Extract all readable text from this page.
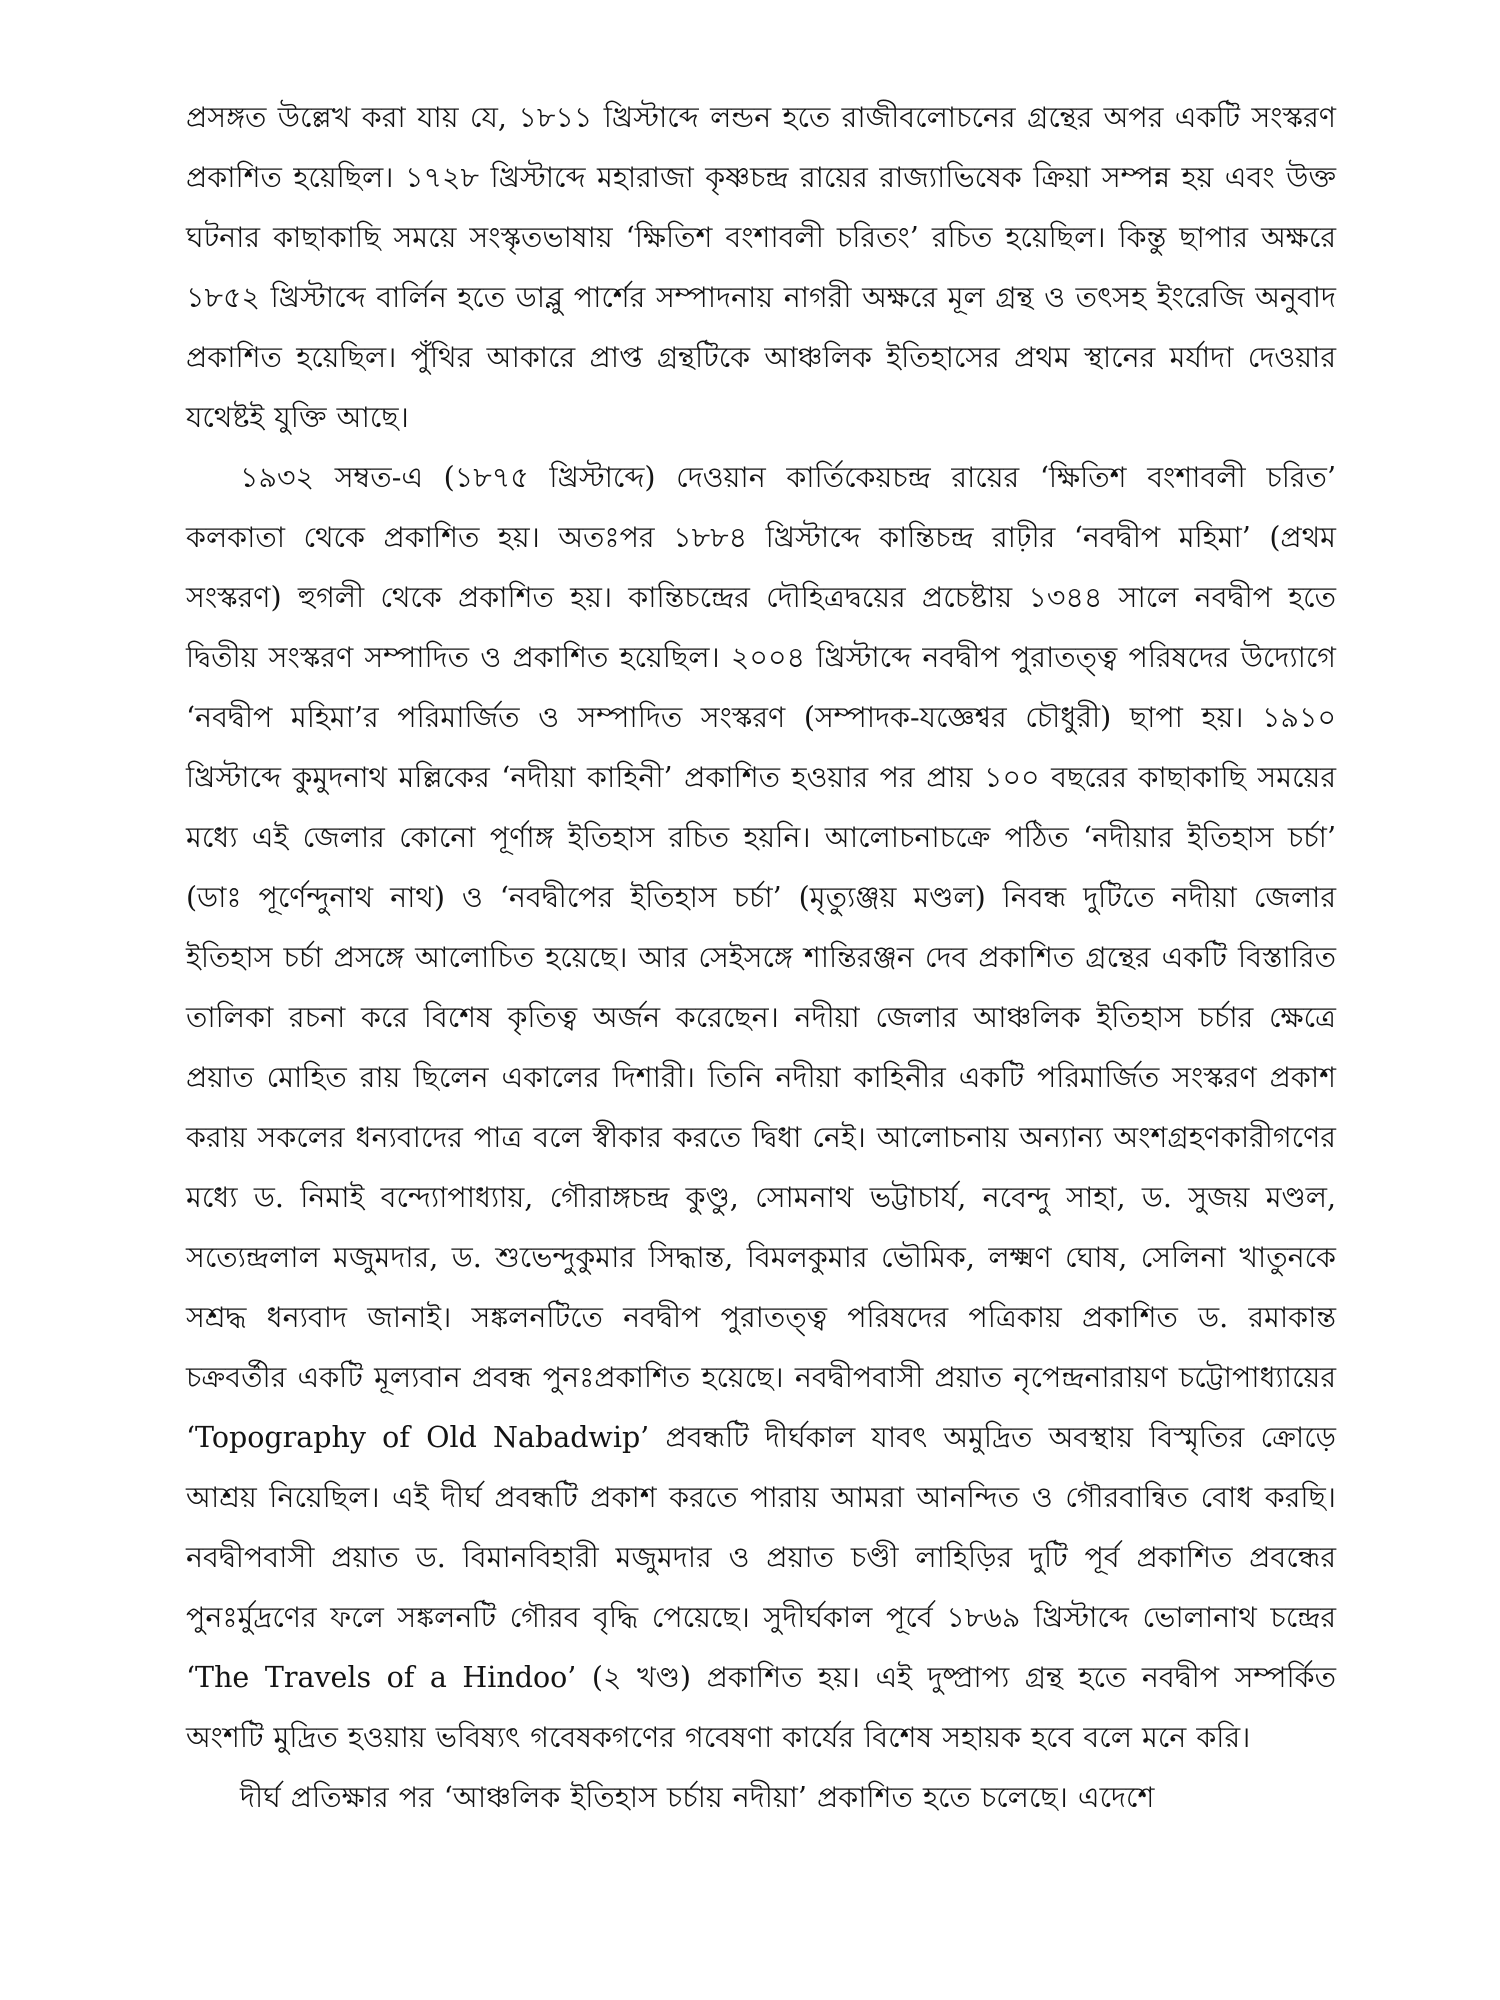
প্রসঙ্গত উল্লেখ করা যায় যে, ১৮১১ খ্রিস্টাব্দে লন্ডন হতে রাজীবলোচনের গ্রন্থের অপর একটি সংস্করণ প্রকাশিত হয়েছিল। ১৭২৮ খ্রিস্টাব্দে মহারাজা কৃষ্ণচন্দ্র রায়ের রাজ্যাভিষেক ক্রিয়া সম্পন্ন হয় এবং উক্ত ঘটনার কাছাকাছি সময়ে সংস্কৃতভাষায় ‘ক্ষিতিশ বংশাবলী চরিতং’ রচিত হয়েছিল। কিন্তু ছাপার অক্ষরে ১৮৫২ খ্রিস্টাব্দে বার্লিন হতে ডাব্লু পার্শের সম্পাদনায় নাগরী অক্ষরে মূল গ্রন্থ ও তৎসহ ইংরেজি অনুবাদ প্রকাশিত হয়েছিল। পুঁথির আকারে প্রাপ্ত গ্রন্থটিকে আঞ্চলিক ইতিহাসের প্রথম স্থানের মর্যাদা দেওয়ার যথেষ্টই যুক্তি আছে।

১৯৩২ সম্বত-এ (১৮৭৫ খ্রিস্টাব্দে) দেওয়ান কার্তিকেয়চন্দ্র রায়ের ‘ক্ষিতিশ বংশাবলী চরিত’ কলকাতা থেকে প্রকাশিত হয়। অতঃপর ১৮৮৪ খ্রিস্টাব্দে কান্তিচন্দ্র রাঢ়ীর ‘নবদ্বীপ মহিমা’ (প্রথম সংস্করণ) হুগলী থেকে প্রকাশিত হয়। কান্তিচন্দ্রের দৌহিত্রদ্বয়ের প্রচেষ্টায় ১৩৪৪ সালে নবদ্বীপ হতে দ্বিতীয় সংস্করণ সম্পাদিত ও প্রকাশিত হয়েছিল। ২০০৪ খ্রিস্টাব্দে নবদ্বীপ পুরাতত্ত্ব পরিষদের উদ্যোগে ‘নবদ্বীপ মহিমা’র পরিমার্জিত ও সম্পাদিত সংস্করণ (সম্পাদক-যজ্ঞেশ্বর চৌধুরী) ছাপা হয়। ১৯১০ খ্রিস্টাব্দে কুমুদনাথ মল্লিকের ‘নদীয়া কাহিনী’ প্রকাশিত হওয়ার পর প্রায় ১০০ বছরের কাছাকাছি সময়ের মধ্যে এই জেলার কোনো পূর্ণাঙ্গ ইতিহাস রচিত হয়নি। আলোচনাচক্রে পঠিত ‘নদীয়ার ইতিহাস চর্চা’ (ডাঃ পূর্ণেন্দুনাথ নাথ) ও ‘নবদ্বীপের ইতিহাস চর্চা’ (মৃত্যুঞ্জয় মণ্ডল) নিবন্ধ দুটিতে নদীয়া জেলার ইতিহাস চর্চা প্রসঙ্গে আলোচিত হয়েছে। আর সেইসঙ্গে শান্তিরঞ্জন দেব প্রকাশিত গ্রন্থের একটি বিস্তারিত তালিকা রচনা করে বিশেষ কৃতিত্ব অর্জন করেছেন। নদীয়া জেলার আঞ্চলিক ইতিহাস চর্চার ক্ষেত্রে প্রয়াত মোহিত রায় ছিলেন একালের দিশারী। তিনি নদীয়া কাহিনীর একটি পরিমার্জিত সংস্করণ প্রকাশ করায় সকলের ধন্যবাদের পাত্র বলে স্বীকার করতে দ্বিধা নেই। আলোচনায় অন্যান্য অংশগ্রহণকারীগণের মধ্যে ড. নিমাই বন্দ্যোপাধ্যায়, গৌরাঙ্গচন্দ্র কুণ্ডু, সোমনাথ ভট্টাচার্য, নবেন্দু সাহা, ড. সুজয় মণ্ডল, সত্যেন্দ্রলাল মজুমদার, ড. শুভেন্দুকুমার সিদ্ধান্ত, বিমলকুমার ভৌমিক, লক্ষ্মণ ঘোষ, সেলিনা খাতুনকে সশ্রদ্ধ ধন্যবাদ জানাই। সঙ্কলনটিতে নবদ্বীপ পুরাতত্ত্ব পরিষদের পত্রিকায় প্রকাশিত ড. রমাকান্ত চক্রবর্তীর একটি মূল্যবান প্রবন্ধ পুনঃপ্রকাশিত হয়েছে। নবদ্বীপবাসী প্রয়াত নৃপেন্দ্রনারায়ণ চট্টোপাধ্যায়ের ‘Topography of Old Nabadwip’ প্রবন্ধটি দীর্ঘকাল যাবৎ অমুদ্রিত অবস্থায় বিস্মৃতির ক্রোড়ে আশ্রয় নিয়েছিল। এই দীর্ঘ প্রবন্ধটি প্রকাশ করতে পারায় আমরা আনন্দিত ও গৌরবান্বিত বোধ করছি। নবদ্বীপবাসী প্রয়াত ড. বিমানবিহারী মজুমদার ও প্রয়াত চণ্ডী লাহিড়ির দুটি পূর্ব প্রকাশিত প্রবন্ধের পুনঃর্মুদ্রণের ফলে সঙ্কলনটি গৌরব বৃদ্ধি পেয়েছে। সুদীর্ঘকাল পূর্বে ১৮৬৯ খ্রিস্টাব্দে ভোলানাথ চন্দ্রের ‘The Travels of a Hindoo’ (২ খণ্ড) প্রকাশিত হয়। এই দুষ্প্রাপ্য গ্রন্থ হতে নবদ্বীপ সম্পর্কিত অংশটি মুদ্রিত হওয়ায় ভবিষ্যৎ গবেষকগণের গবেষণা কার্যের বিশেষ সহায়ক হবে বলে মনে করি।

দীর্ঘ প্রতিক্ষার পর ‘আঞ্চলিক ইতিহাস চর্চায় নদীয়া’ প্রকাশিত হতে চলেছে। এদেশে
